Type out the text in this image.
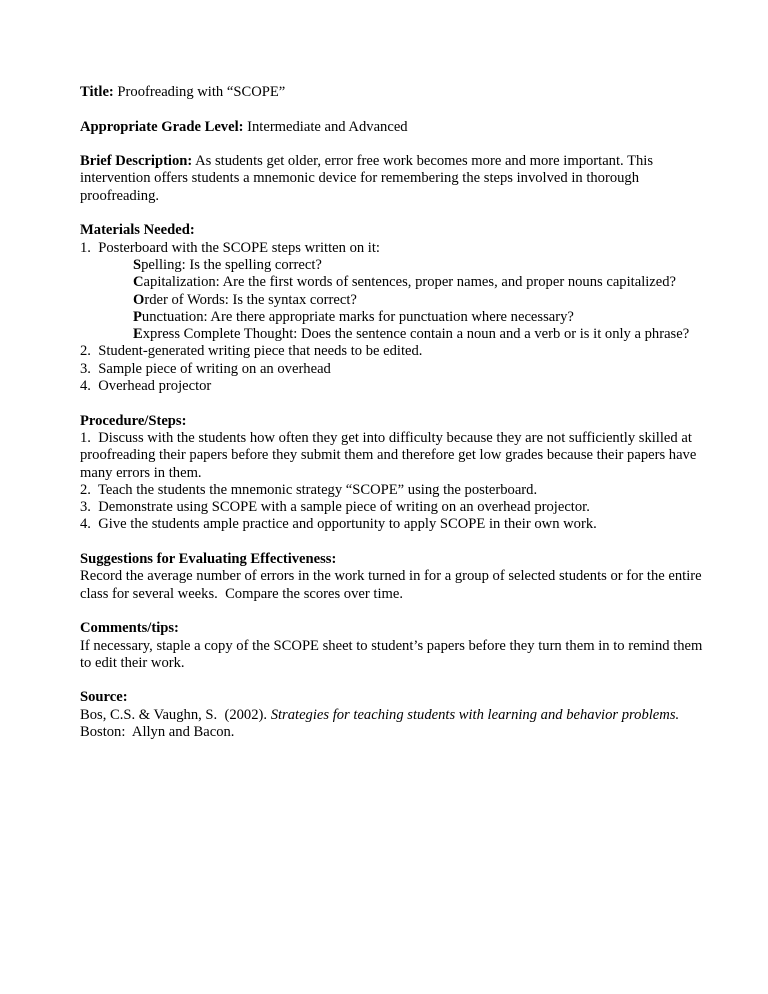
Title: Proofreading with “SCOPE”

Appropriate Grade Level: Intermediate and Advanced

Brief Description: As students get older, error free work becomes more and more important. This intervention offers students a mnemonic device for remembering the steps involved in thorough proofreading.

Materials Needed:
1.  Posterboard with the SCOPE steps written on it:
Spelling: Is the spelling correct?
Capitalization: Are the first words of sentences, proper names, and proper nouns capitalized?
Order of Words: Is the syntax correct?
Punctuation: Are there appropriate marks for punctuation where necessary?
Express Complete Thought: Does the sentence contain a noun and a verb or is it only a phrase?
2.  Student-generated writing piece that needs to be edited.
3.  Sample piece of writing on an overhead
4.  Overhead projector
Procedure/Steps:
1.  Discuss with the students how often they get into difficulty because they are not sufficiently skilled at proofreading their papers before they submit them and therefore get low grades because their papers have many errors in them.
2.  Teach the students the mnemonic strategy “SCOPE” using the posterboard.
3.  Demonstrate using SCOPE with a sample piece of writing on an overhead projector.
4.  Give the students ample practice and opportunity to apply SCOPE in their own work.
Suggestions for Evaluating Effectiveness:
Record the average number of errors in the work turned in for a group of selected students or for the entire class for several weeks.  Compare the scores over time.
Comments/tips:
If necessary, staple a copy of the SCOPE sheet to student’s papers before they turn them in to remind them to edit their work.
Source:
Bos, C.S. & Vaughn, S.  (2002). Strategies for teaching students with learning and behavior problems.  Boston:  Allyn and Bacon.
